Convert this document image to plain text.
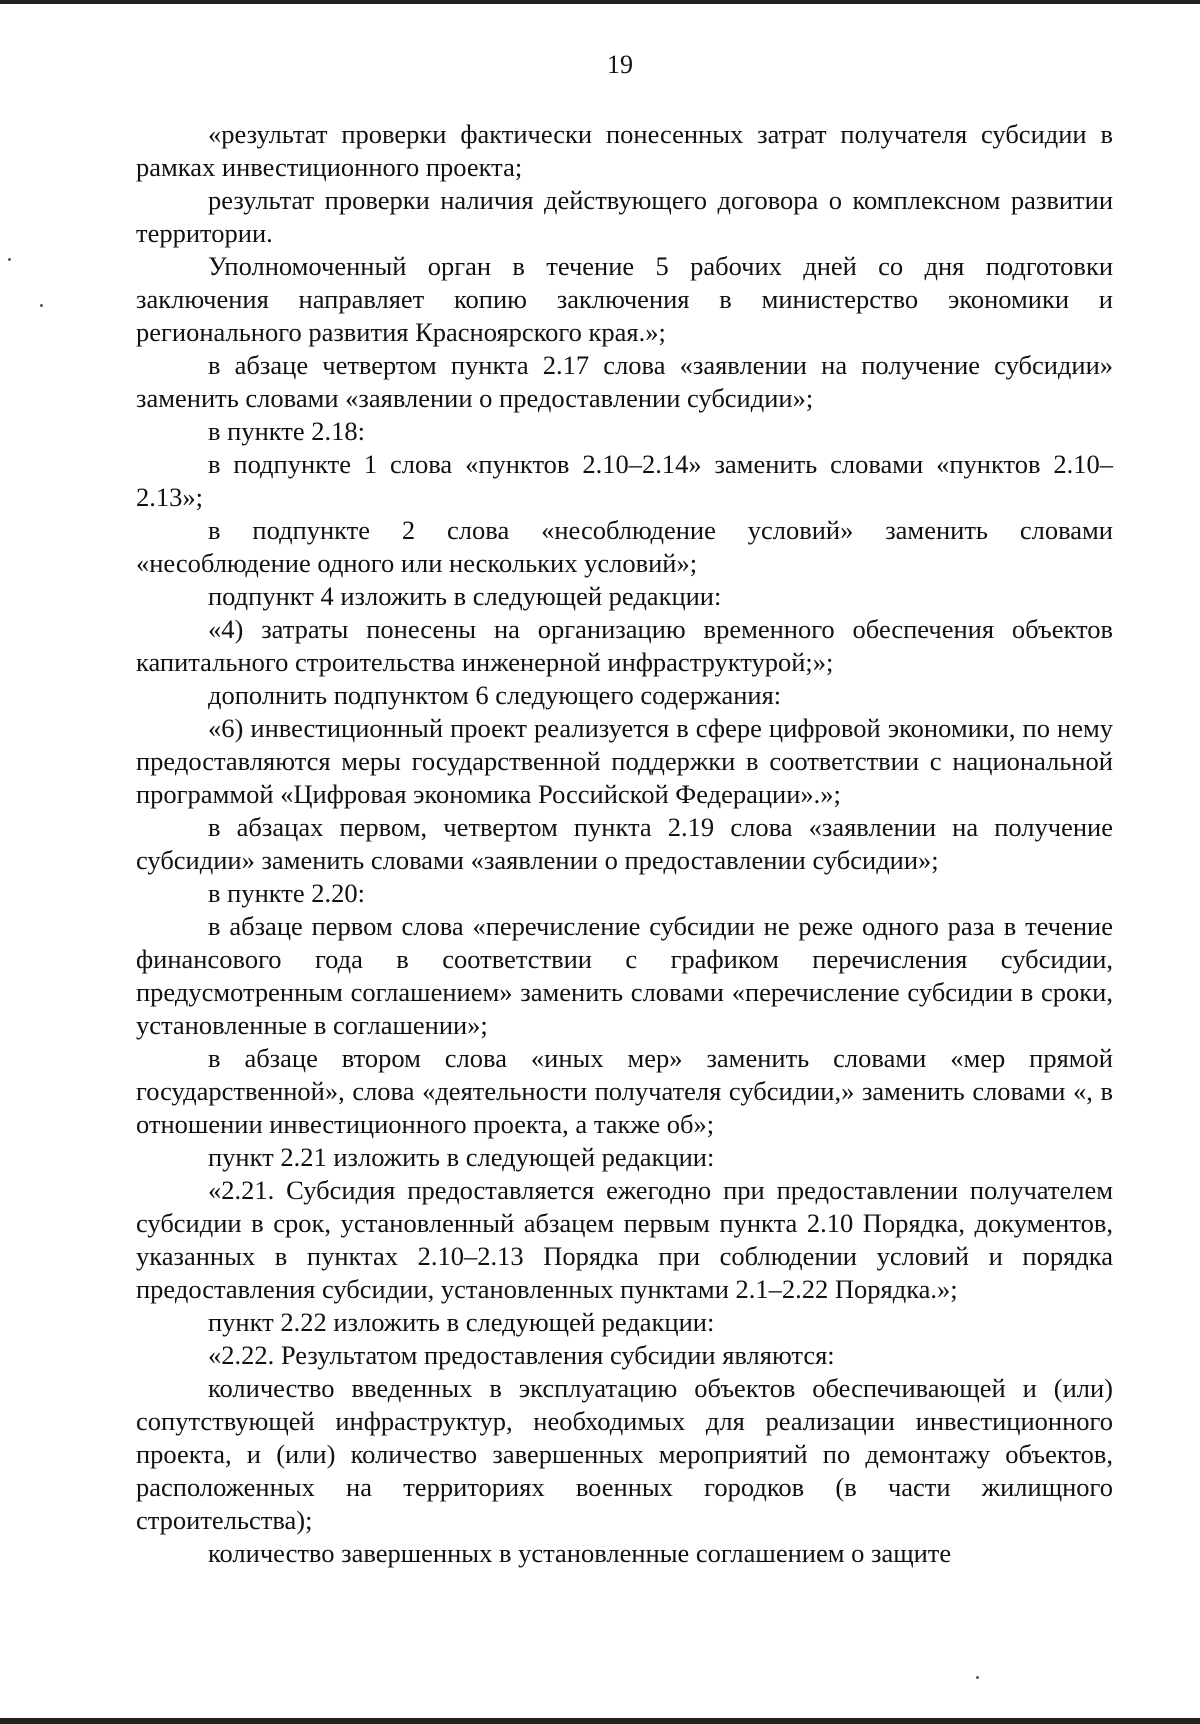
19

«результат проверки фактически понесенных затрат получателя субсидии в рамках инвестиционного проекта;

результат проверки наличия действующего договора о комплексном развитии территории.

Уполномоченный орган в течение 5 рабочих дней со дня подготовки заключения направляет копию заключения в министерство экономики и регионального развития Красноярского края.»;

в абзаце четвертом пункта 2.17 слова «заявлении на получение субсидии» заменить словами «заявлении о предоставлении субсидии»;

в пункте 2.18:

в подпункте 1 слова «пунктов 2.10–2.14» заменить словами «пунктов 2.10–2.13»;

в подпункте 2 слова «несоблюдение условий» заменить словами «несоблюдение одного или нескольких условий»;

подпункт 4 изложить в следующей редакции:

«4) затраты понесены на организацию временного обеспечения объектов капитального строительства инженерной инфраструктурой;»;

дополнить подпунктом 6 следующего содержания:

«6) инвестиционный проект реализуется в сфере цифровой экономики, по нему предоставляются меры государственной поддержки в соответствии с национальной программой «Цифровая экономика Российской Федерации».»;

в абзацах первом, четвертом пункта 2.19 слова «заявлении на получение субсидии» заменить словами «заявлении о предоставлении субсидии»;

в пункте 2.20:

в абзаце первом слова «перечисление субсидии не реже одного раза в течение финансового года в соответствии с графиком перечисления субсидии, предусмотренным соглашением» заменить словами «перечисление субсидии в сроки, установленные в соглашении»;

в абзаце втором слова «иных мер» заменить словами «мер прямой государственной», слова «деятельности получателя субсидии,» заменить словами «, в отношении инвестиционного проекта, а также об»;

пункт 2.21 изложить в следующей редакции:

«2.21. Субсидия предоставляется ежегодно при предоставлении получателем субсидии в срок, установленный абзацем первым пункта 2.10 Порядка, документов, указанных в пунктах 2.10–2.13 Порядка при соблюдении условий и порядка предоставления субсидии, установленных пунктами 2.1–2.22 Порядка.»;

пункт 2.22 изложить в следующей редакции:

«2.22. Результатом предоставления субсидии являются:

количество введенных в эксплуатацию объектов обеспечивающей и (или) сопутствующей инфраструктур, необходимых для реализации инвестиционного проекта, и (или) количество завершенных мероприятий по демонтажу объектов, расположенных на территориях военных городков (в части жилищного строительства);

количество завершенных в установленные соглашением о защите
